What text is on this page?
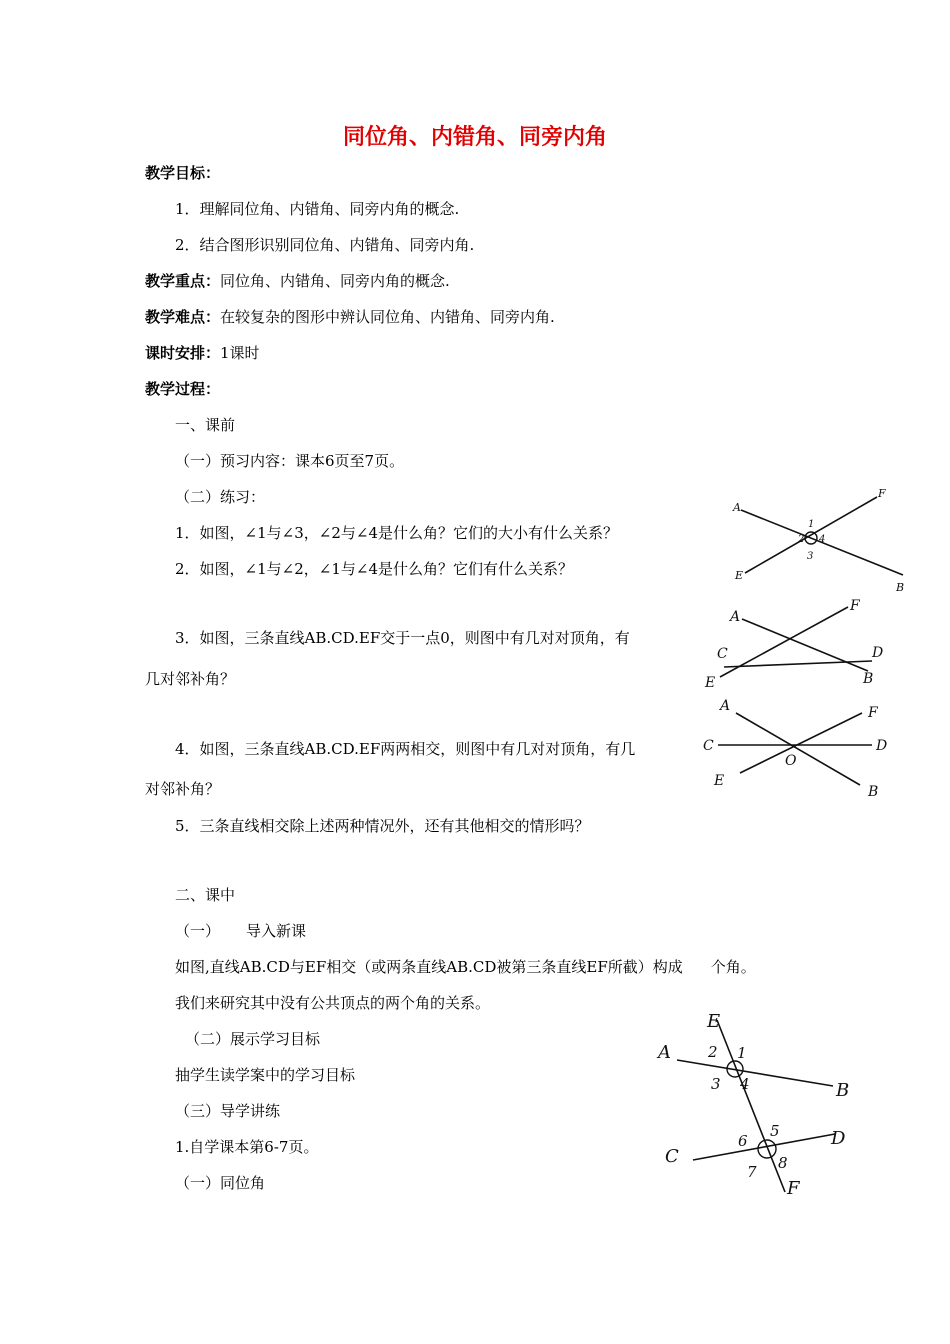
同位角、内错角、同旁内角
教学目标：
1．理解同位角、内错角、同旁内角的概念.
2．结合图形识别同位角、内错角、同旁内角.
教学重点：同位角、内错角、同旁内角的概念.
教学难点：在较复杂的图形中辨认同位角、内错角、同旁内角.
课时安排：1课时
教学过程：
一、课前
（一）预习内容：课本6页至7页。
（二）练习：
1．如图，∠1与∠3，∠2与∠4是什么角？它们的大小有什么关系？
2．如图，∠1与∠2，∠1与∠4是什么角？它们有什么关系？
3．如图，三条直线AB.CD.EF交于一点0，则图中有几对对顶角，有
几对邻补角？
4．如图，三条直线AB.CD.EF两两相交，则图中有几对对顶角，有几
对邻补角？
5．三条直线相交除上述两种情况外，还有其他相交的情形吗？
二、课中
（一） 导入新课
如图,直线AB.CD与EF相交（或两条直线AB.CD被第三条直线EF所截）构成 个角。
我们来研究其中没有公共顶点的两个角的关系。
（二）展示学习目标
抽学生读学案中的学习目标
（三）导学讲练
1.自学课本第6-7页。
（一）同位角
A
F
E
B
1
2
3
4
A
F
C	D
E	B
A	F
C	D
E
O
B
E
A
B
C
D
F
1
2
3 4
5
6
7 8
